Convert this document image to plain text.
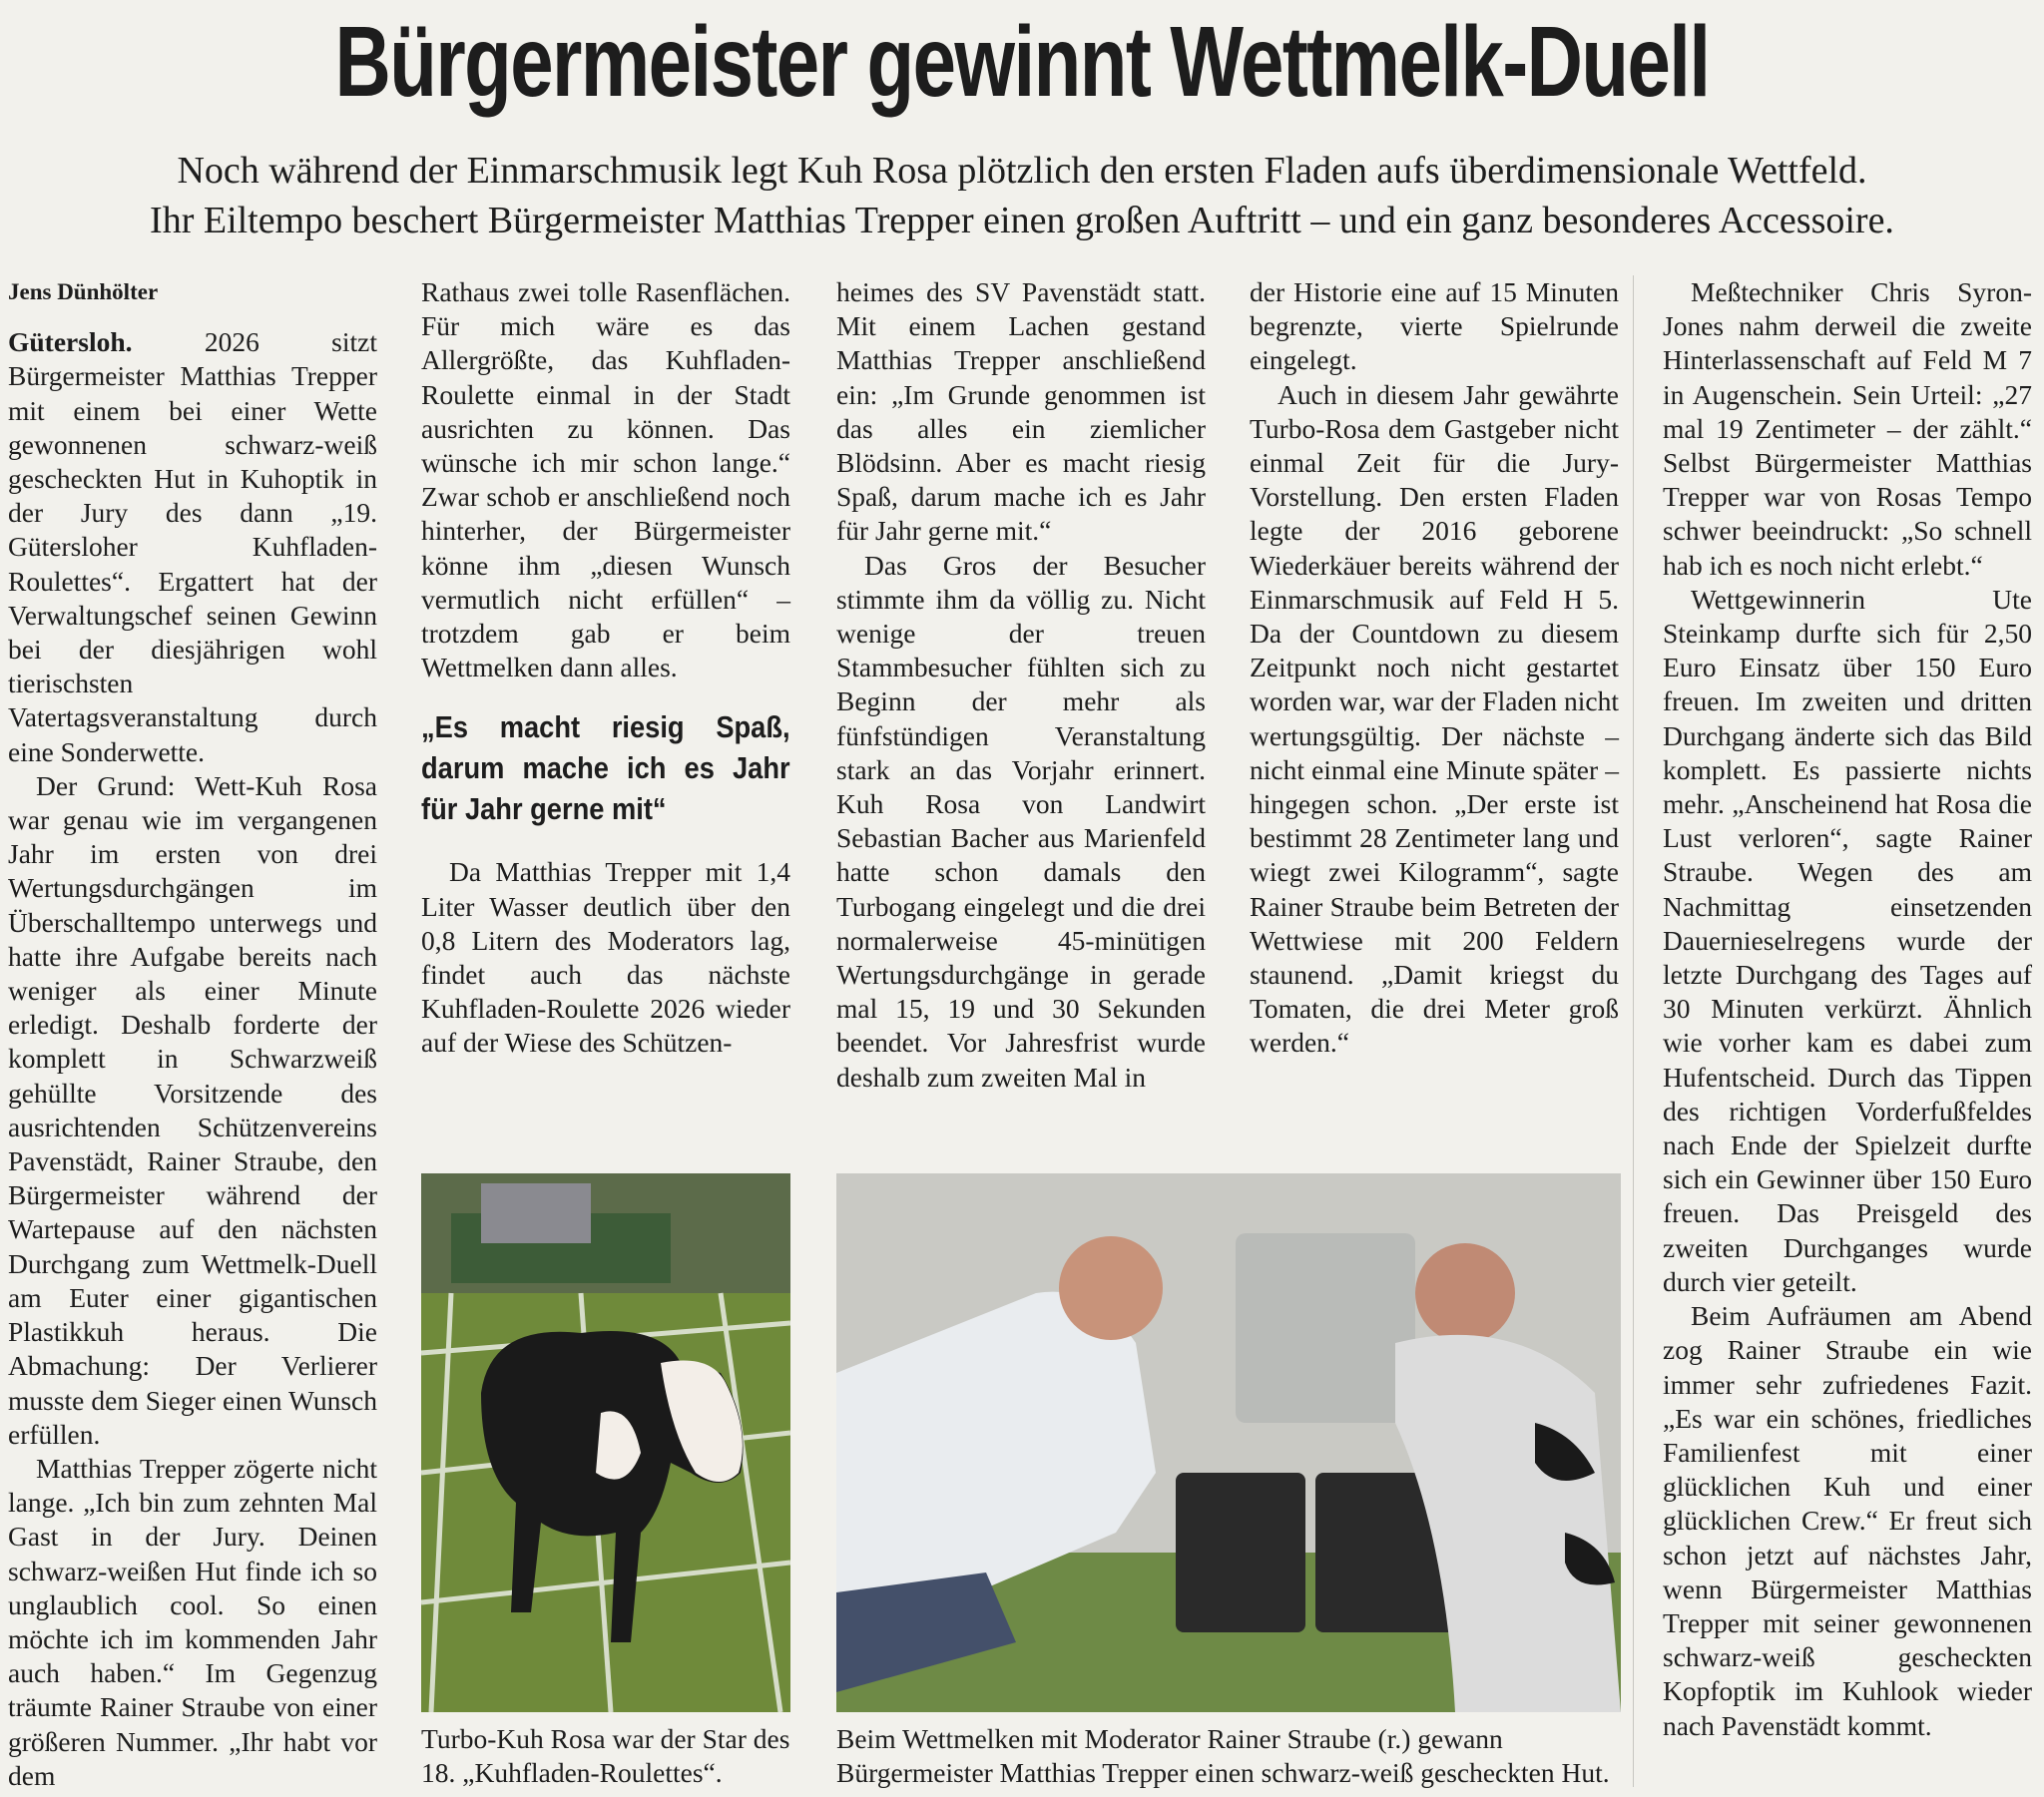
Bürgermeister gewinnt Wettmelk-Duell
Noch während der Einmarschmusik legt Kuh Rosa plötzlich den ersten Fladen aufs überdimensionale Wettfeld.
Ihr Eiltempo beschert Bürgermeister Matthias Trepper einen großen Auftritt – und ein ganz besonderes Accessoire.

Jens Dünhölter

Gütersloh.	2026 sitzt Bürgermeister Matthias Trepper mit einem bei einer Wette gewonnenen schwarz-weiß gescheckten Hut in Kuhoptik in der Jury des dann „19. Gütersloher Kuhfladen-Roulettes“. Ergattert hat der Verwaltungschef seinen Gewinn bei der diesjährigen wohl tierischsten Vatertagsveranstaltung durch eine Sonderwette.

Der Grund: Wett-Kuh Rosa war genau wie im vergangenen Jahr im ersten von drei Wertungsdurchgängen im Überschalltempo unterwegs und hatte ihre Aufgabe bereits nach weniger als einer Minute erledigt. Deshalb forderte der komplett in Schwarzweiß gehüllte Vorsitzende des ausrichtenden Schützenvereins Pavenstädt, Rainer Straube, den Bürgermeister während der Wartepause auf den nächsten Durchgang zum Wettmelk-Duell am Euter einer gigantischen Plastikkuh heraus. Die Abmachung: Der Verlierer musste dem Sieger einen Wunsch erfüllen.

Matthias Trepper zögerte nicht lange. „Ich bin zum zehnten Mal Gast in der Jury. Deinen schwarz-weißen Hut finde ich so unglaublich cool. So einen möchte ich im kommenden Jahr auch haben.“ Im Gegenzug träumte Rainer Straube von einer größeren Nummer. „Ihr habt vor dem

Rathaus zwei tolle Rasenflächen. Für mich wäre es das Allergrößte, das Kuhfladen-Roulette einmal in der Stadt ausrichten zu können. Das wünsche ich mir schon lange.“ Zwar schob er anschließend noch hinterher, der Bürgermeister könne ihm „diesen Wunsch vermutlich nicht erfüllen“ – trotzdem gab er beim Wettmelken dann alles.

„Es macht riesig Spaß, darum mache ich es Jahr für Jahr gerne mit“

Da Matthias Trepper mit 1,4 Liter Wasser deutlich über den 0,8 Litern des Moderators lag, findet auch das nächste Kuhfladen-Roulette 2026 wieder auf der Wiese des Schützen-

heimes des SV Pavenstädt statt. Mit einem Lachen gestand Matthias Trepper anschließend ein: „Im Grunde genommen ist das alles ein ziemlicher Blödsinn. Aber es macht riesig Spaß, darum mache ich es Jahr für Jahr gerne mit.“

Das Gros der Besucher stimmte ihm da völlig zu. Nicht wenige der treuen Stammbesucher fühlten sich zu Beginn der mehr als fünfstündigen Veranstaltung stark an das Vorjahr erinnert. Kuh Rosa von Landwirt Sebastian Bacher aus Marienfeld hatte schon damals den Turbogang eingelegt und die drei normalerweise 45-minütigen Wertungsdurchgänge in gerade mal 15, 19 und 30 Sekunden beendet. Vor Jahresfrist wurde deshalb zum zweiten Mal in

der Historie eine auf 15 Minuten begrenzte, vierte Spielrunde eingelegt.

Auch in diesem Jahr gewährte Turbo-Rosa dem Gastgeber nicht einmal Zeit für die Jury-Vorstellung. Den ersten Fladen legte der 2016 geborene Wiederkäuer bereits während der Einmarschmusik auf Feld H 5. Da der Countdown zu diesem Zeitpunkt noch nicht gestartet worden war, war der Fladen nicht wertungsgültig. Der nächste – nicht einmal eine Minute später – hingegen schon. „Der erste ist bestimmt 28 Zentimeter lang und wiegt zwei Kilogramm“, sagte Rainer Straube beim Betreten der Wettwiese mit 200 Feldern staunend. „Damit kriegst du Tomaten, die drei Meter groß werden.“

Meßtechniker Chris Syron-Jones nahm derweil die zweite Hinterlassenschaft auf Feld M 7 in Augenschein. Sein Urteil: „27 mal 19 Zentimeter – der zählt.“ Selbst Bürgermeister Matthias Trepper war von Rosas Tempo schwer beeindruckt: „So schnell hab ich es noch nicht erlebt.“

Wettgewinnerin Ute Steinkamp durfte sich für 2,50 Euro Einsatz über 150 Euro freuen. Im zweiten und dritten Durchgang änderte sich das Bild komplett. Es passierte nichts mehr. „Anscheinend hat Rosa die Lust verloren“, sagte Rainer Straube. Wegen des am Nachmittag einsetzenden Dauernieselregens wurde der letzte Durchgang des Tages auf 30 Minuten verkürzt. Ähnlich wie vorher kam es dabei zum Hufentscheid. Durch das Tippen des richtigen Vorderfußfeldes nach Ende der Spielzeit durfte sich ein Gewinner über 150 Euro freuen. Das Preisgeld des zweiten Durchganges wurde durch vier geteilt.

Beim Aufräumen am Abend zog Rainer Straube ein wie immer sehr zufriedenes Fazit. „Es war ein schönes, friedliches Familienfest mit einer glücklichen Kuh und einer glücklichen Crew.“ Er freut sich schon jetzt auf nächstes Jahr, wenn Bürgermeister Matthias Trepper mit seiner gewonnenen schwarz-weiß gescheckten Kopfoptik im Kuhlook wieder nach Pavenstädt kommt.

Turbo-Kuh Rosa war der Star des 18. „Kuhfladen-Roulettes“.
Beim Wettmelken mit Moderator Rainer Straube (r.) gewann Bürgermeister Matthias Trepper einen schwarz-weiß gescheckten Hut.
